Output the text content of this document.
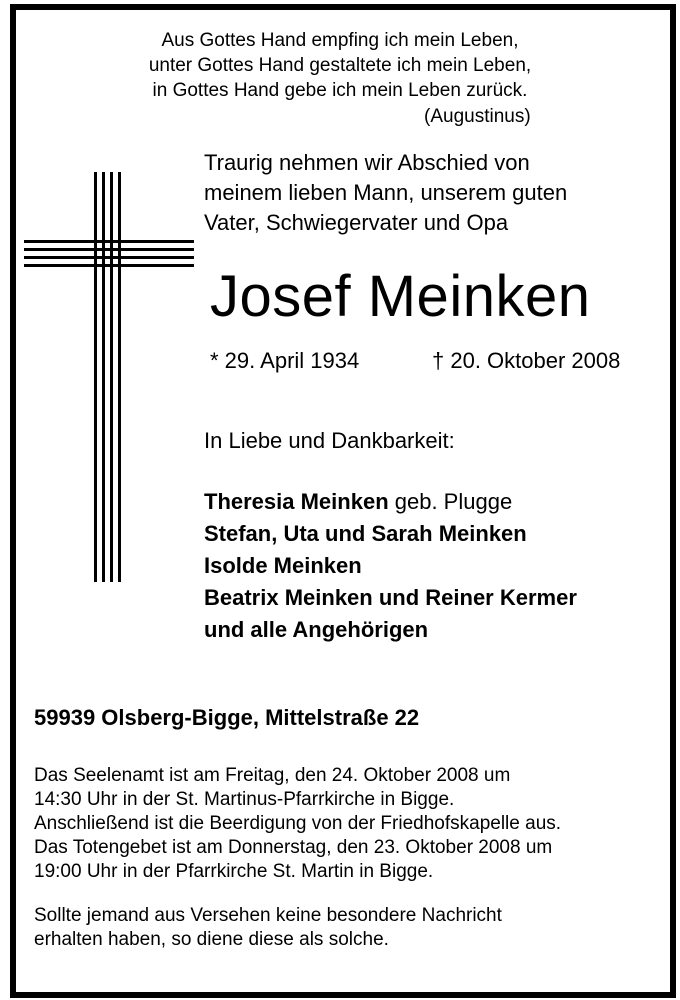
Aus Gottes Hand empfing ich mein Leben,
unter Gottes Hand gestaltete ich mein Leben,
in Gottes Hand gebe ich mein Leben zurück.
(Augustinus)
Traurig nehmen wir Abschied von
meinem lieben Mann, unserem guten
Vater, Schwiegervater und Opa
Josef Meinken
* 29. April 1934	† 20. Oktober 2008
In Liebe und Dankbarkeit:
Theresia Meinken geb. Plugge
Stefan, Uta und Sarah Meinken
Isolde Meinken
Beatrix Meinken und Reiner Kermer
und alle Angehörigen
59939 Olsberg-Bigge, Mittelstraße 22
Das Seelenamt ist am Freitag, den 24. Oktober 2008 um
14:30 Uhr in der St. Martinus-Pfarrkirche in Bigge.
Anschließend ist die Beerdigung von der Friedhofskapelle aus.
Das Totengebet ist am Donnerstag, den 23. Oktober 2008 um
19:00 Uhr in der Pfarrkirche St. Martin in Bigge.
Sollte jemand aus Versehen keine besondere Nachricht
erhalten haben, so diene diese als solche.
